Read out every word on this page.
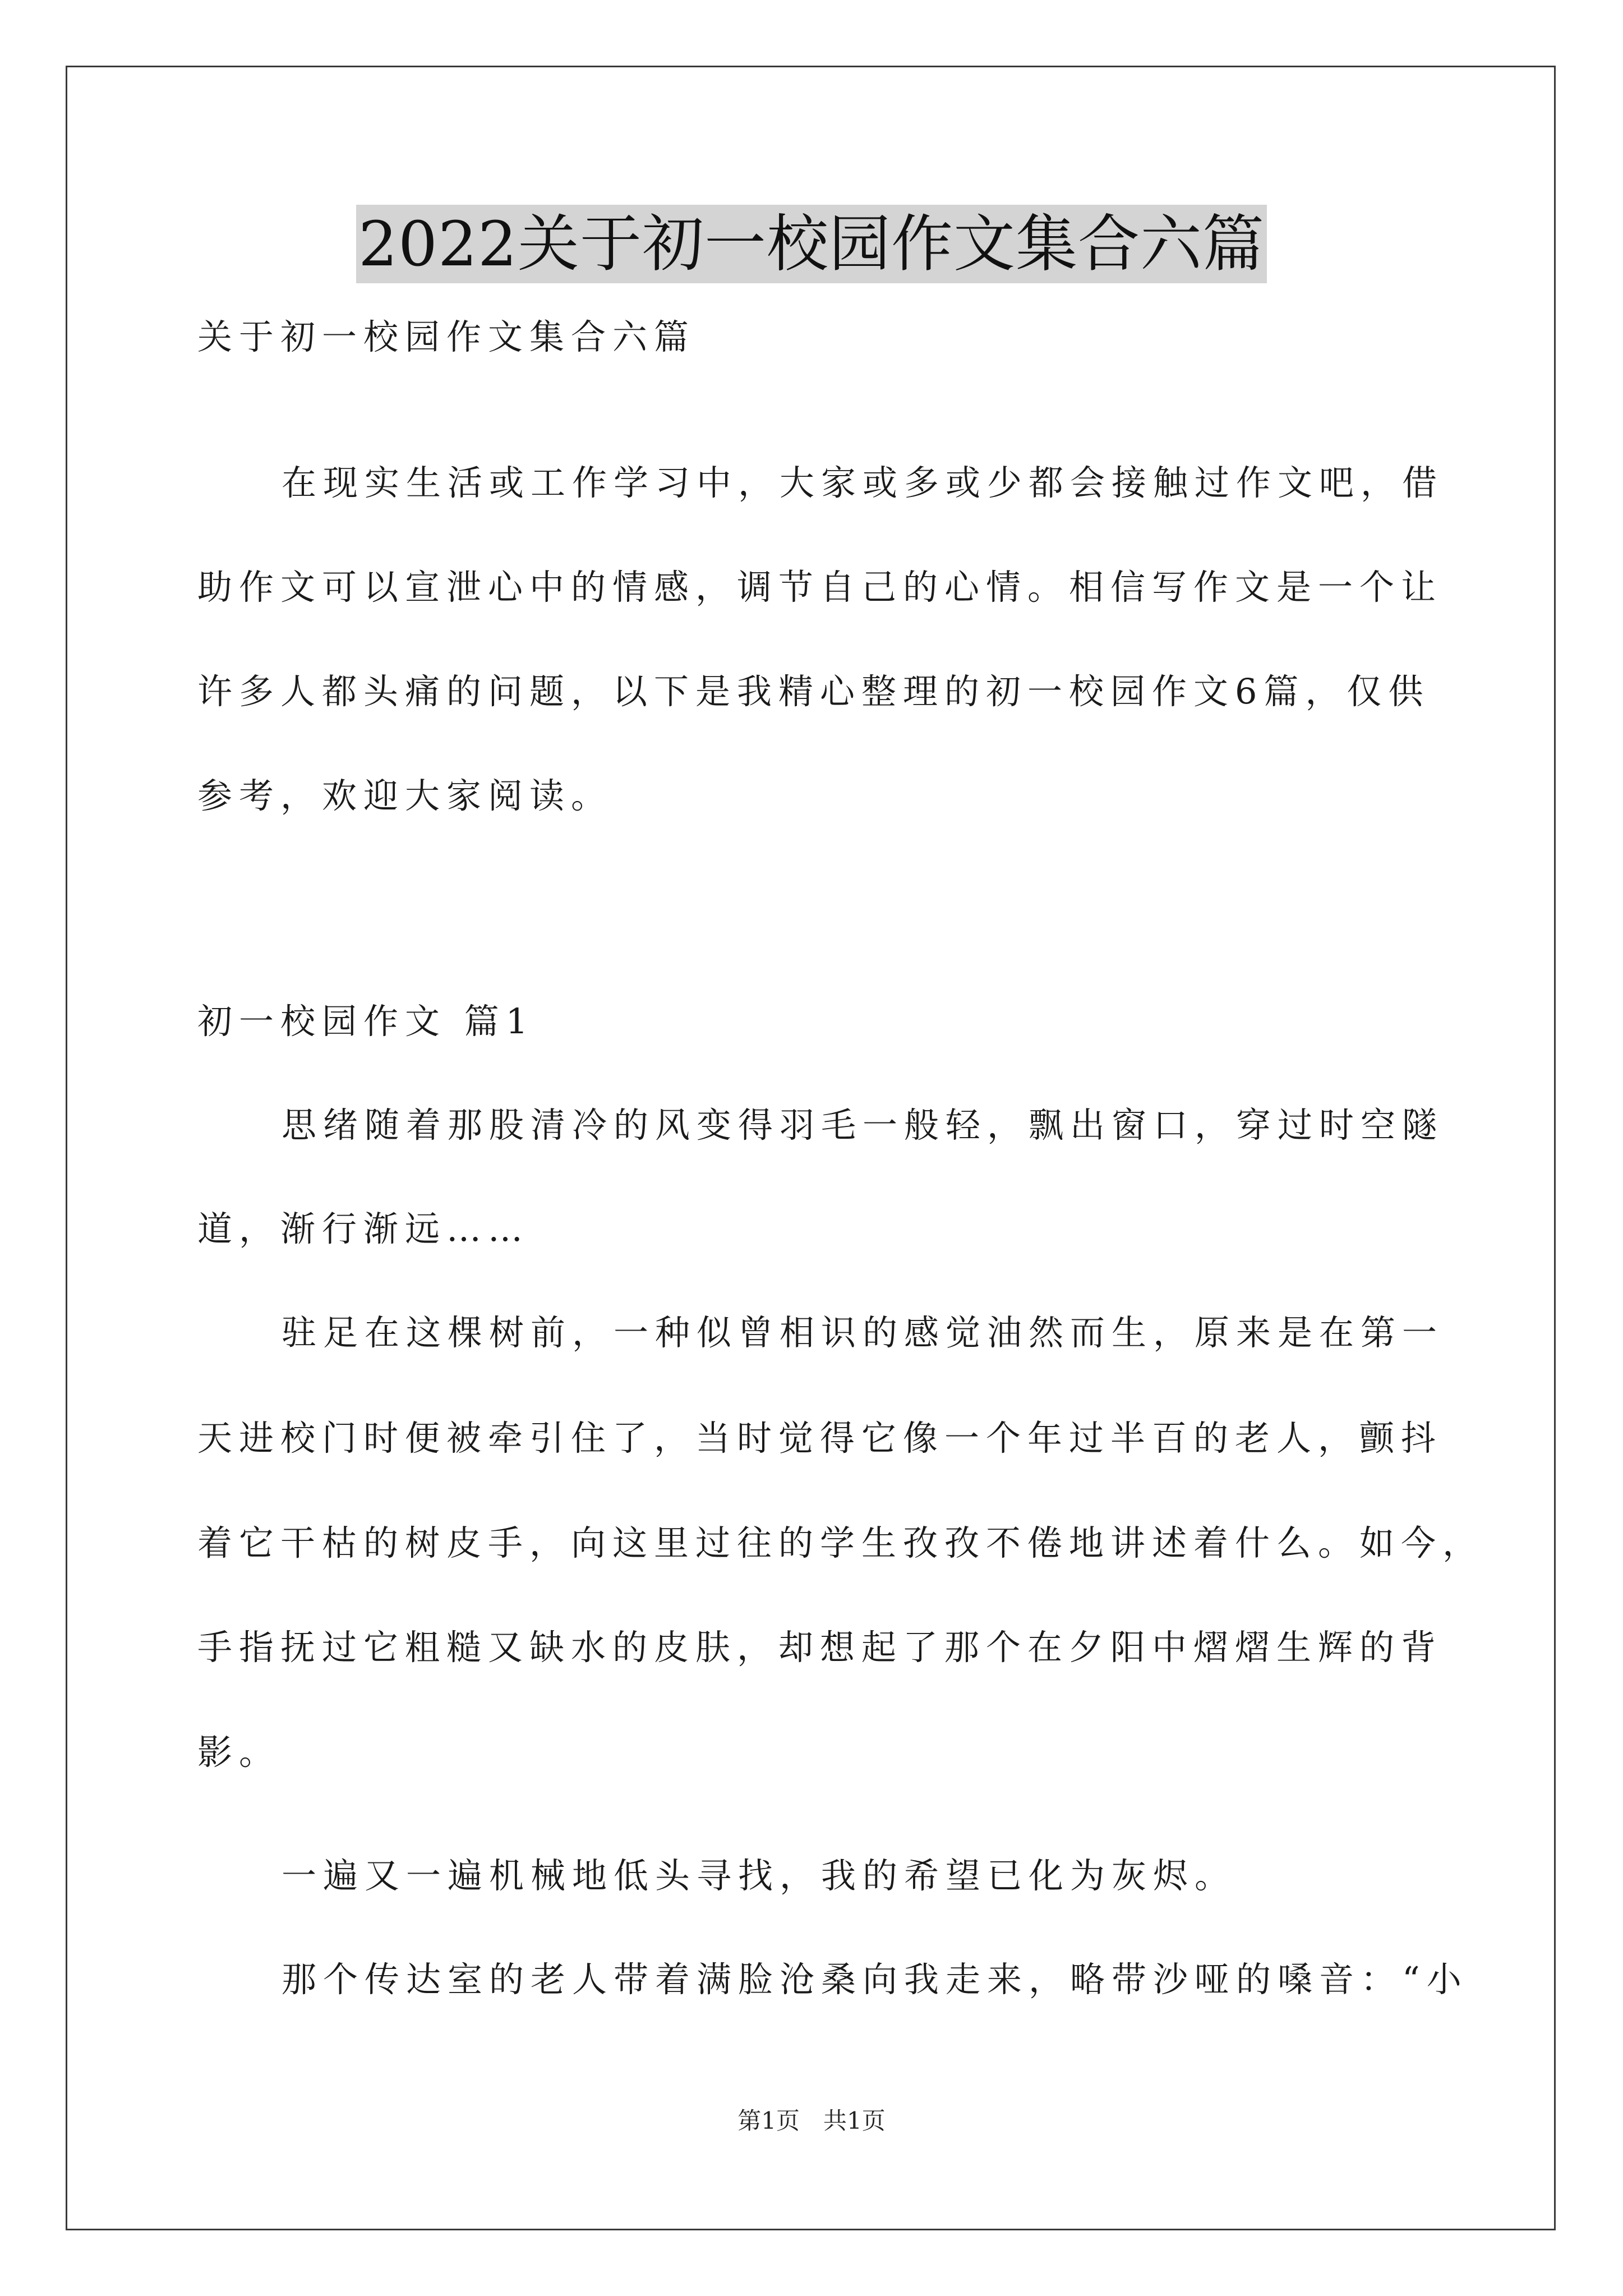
2022关于初一校园作文集合六篇
关于初一校园作文集合六篇
在现实生活或工作学习中，大家或多或少都会接触过作文吧，借
助作文可以宣泄心中的情感，调节自己的心情。相信写作文是一个让
许多人都头痛的问题，以下是我精心整理的初一校园作文6篇，仅供
参考，欢迎大家阅读。
初一校园作文 篇1
思绪随着那股清冷的风变得羽毛一般轻，飘出窗口，穿过时空隧
道，渐行渐远……
驻足在这棵树前，一种似曾相识的感觉油然而生，原来是在第一
天进校门时便被牵引住了，当时觉得它像一个年过半百的老人，颤抖
着它干枯的树皮手，向这里过往的学生孜孜不倦地讲述着什么。如今，
手指抚过它粗糙又缺水的皮肤，却想起了那个在夕阳中熠熠生辉的背
影。
一遍又一遍机械地低头寻找，我的希望已化为灰烬。
那个传达室的老人带着满脸沧桑向我走来，略带沙哑的嗓音：“小
第1页　共1页
